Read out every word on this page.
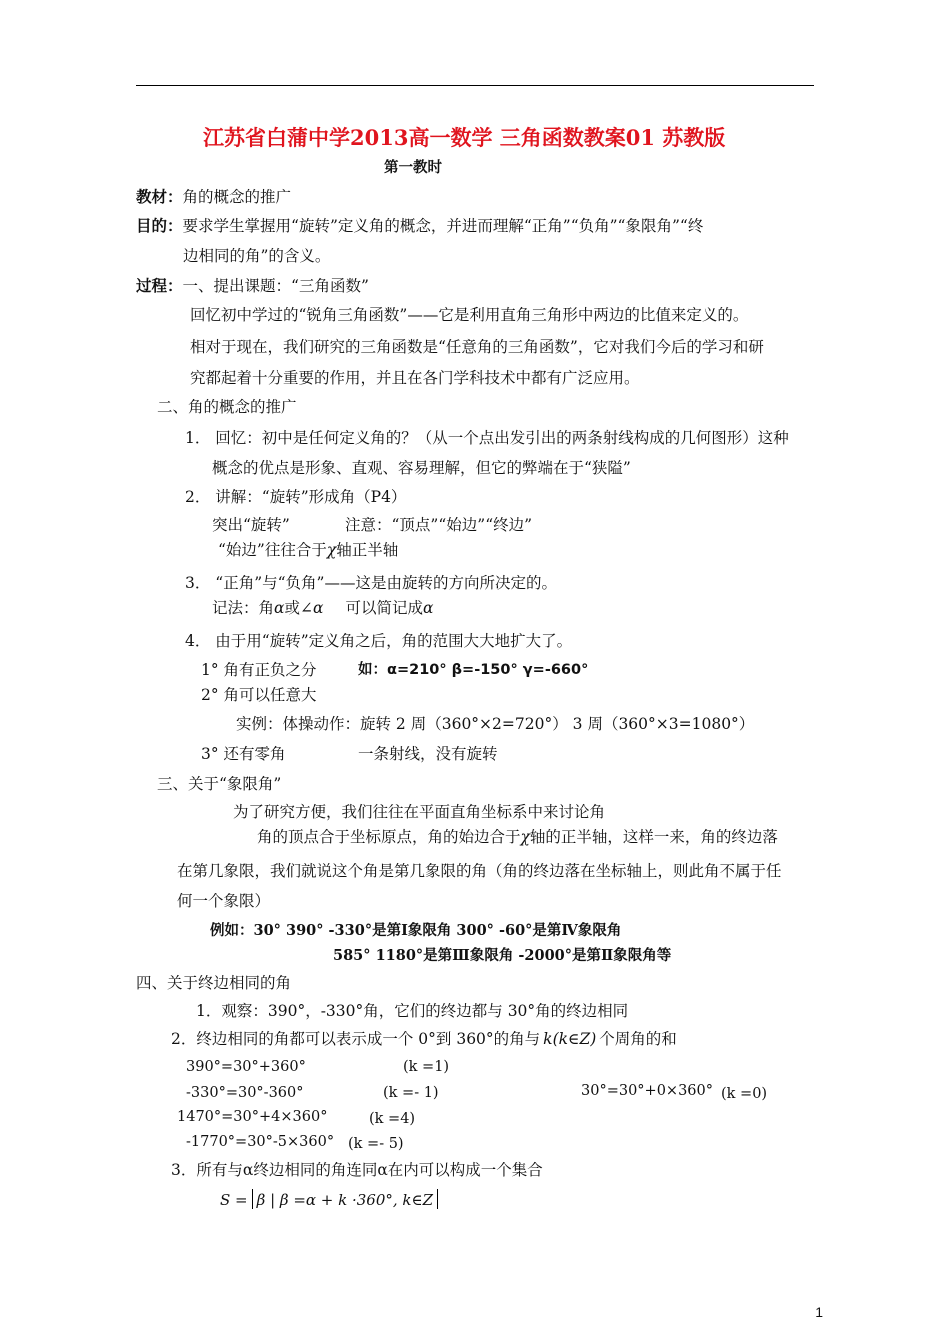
江苏省白蒲中学2013高一数学 三角函数教案01 苏教版
第一教时
教材：角的概念的推广
目的：要求学生掌握用“旋转”定义角的概念，并进而理解“正角”“负角”“象限角”“终
边相同的角”的含义。
过程：一、提出课题：“三角函数”
回忆初中学过的“锐角三角函数”——它是利用直角三角形中两边的比值来定义的。
相对于现在，我们研究的三角函数是“任意角的三角函数”，它对我们今后的学习和研
究都起着十分重要的作用，并且在各门学科技术中都有广泛应用。
二、角的概念的推广
1． 回忆：初中是任何定义角的？（从一个点出发引出的两条射线构成的几何图形）这种
概念的优点是形象、直观、容易理解，但它的弊端在于“狭隘”
2． 讲解：“旋转”形成角（P4）
突出“旋转”	注意：“顶点”“始边”“终边”
“始边”往往合于χ轴正半轴
3． “正角”与“负角”——这是由旋转的方向所决定的。
记法：角α或∠α 可以简记成α
4． 由于用“旋转”定义角之后，角的范围大大地扩大了。
1° 角有正负之分	如：α=210° β=-150° γ=-660°
2° 角可以任意大
实例：体操动作：旋转 2 周（360°×2=720°） 3 周（360°×3=1080°）
3° 还有零角	一条射线，没有旋转
三、关于“象限角”
为了研究方便，我们往往在平面直角坐标系中来讨论角
角的顶点合于坐标原点，角的始边合于χ轴的正半轴，这样一来，角的终边落
在第几象限，我们就说这个角是第几象限的角（角的终边落在坐标轴上，则此角不属于任
何一个象限）
例如：30° 390° -330°是第Ⅰ象限角 300° -60°是第Ⅳ象限角
585° 1180°是第Ⅲ象限角 -2000°是第Ⅱ象限角等
四、关于终边相同的角
1．观察：390°，-330°角，它们的终边都与 30°角的终边相同
2．终边相同的角都可以表示成一个 0°到 360°的角与 k(k∈Z) 个周角的和
390°=30°+360°	(k =1)
-330°=30°-360°	(k =- 1)	30°=30°+0×360° (k =0)
1470°=30°+4×360°	(k =4)
-1770°=30°-5×360° (k =- 5)
3．所有与α终边相同的角连同α在内可以构成一个集合
S = β | β =α + k ·360°, k∈Z
1
